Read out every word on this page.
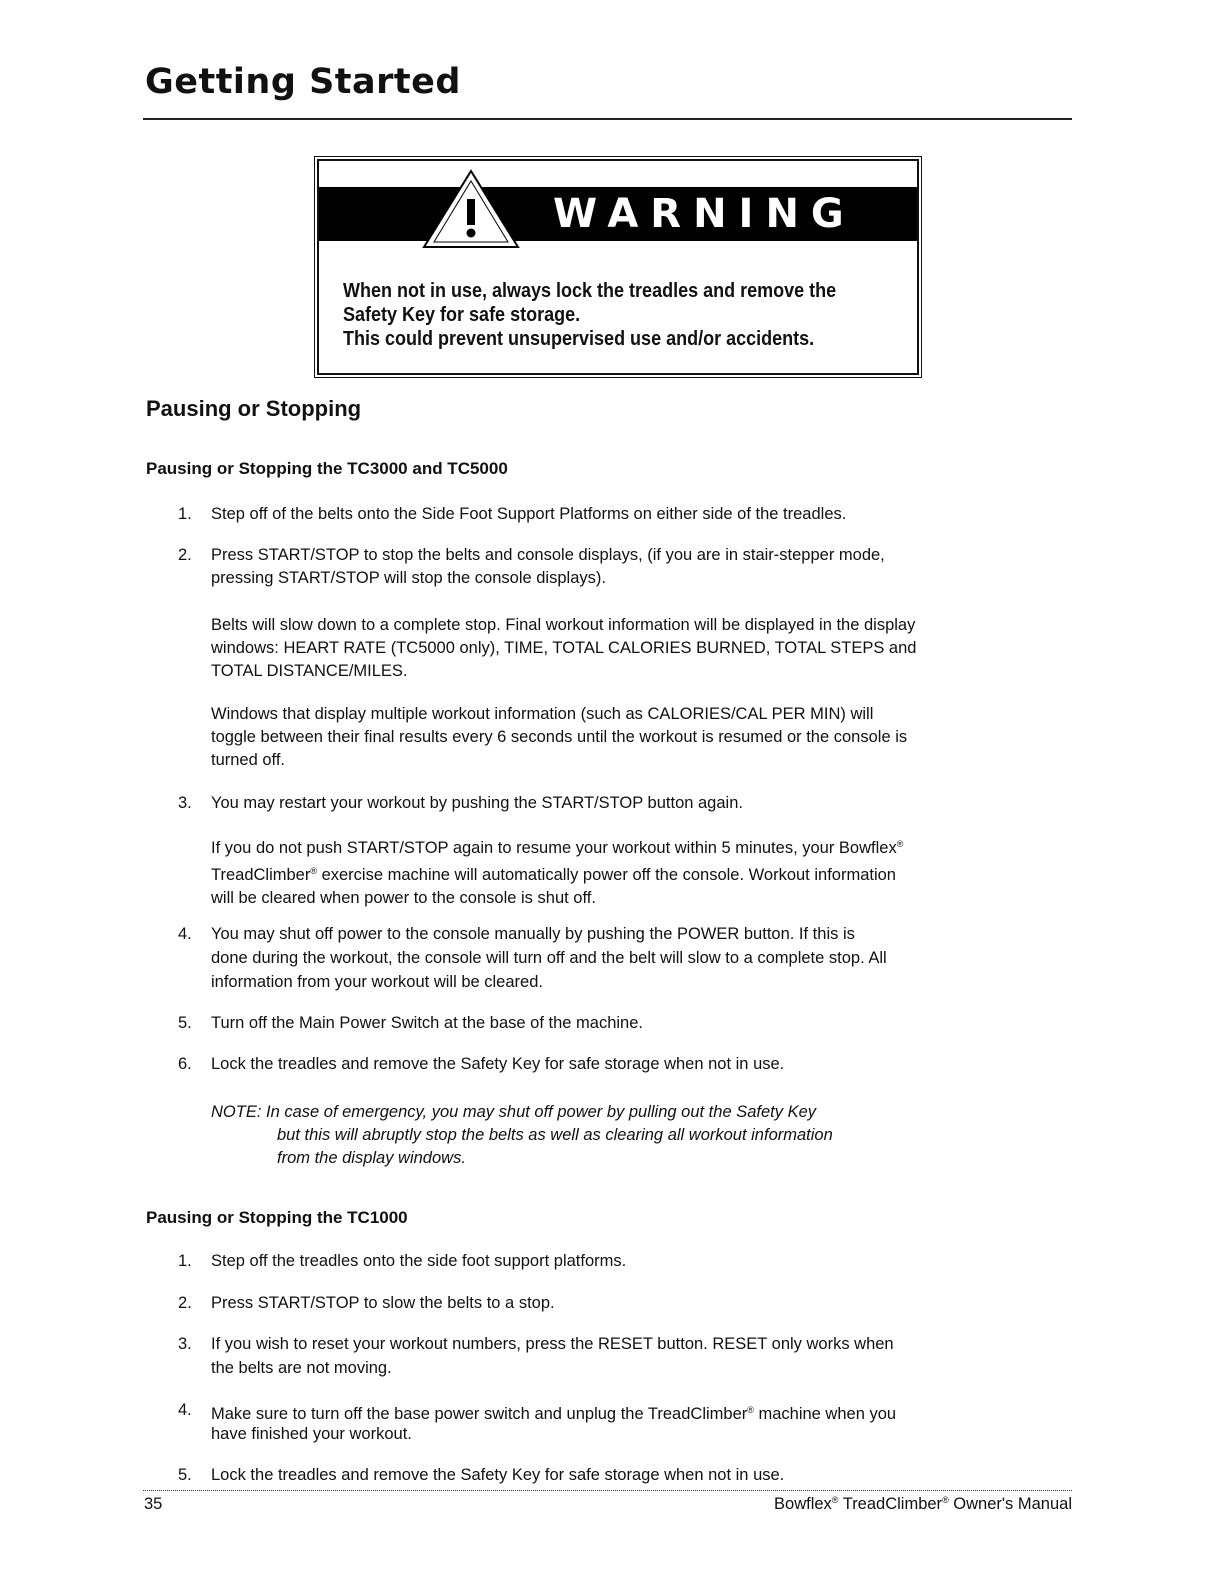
Getting Started
WARNING
When not in use, always lock the treadles and remove the
Safety Key for safe storage.
This could prevent unsupervised use and/or accidents.
Pausing or Stopping
Pausing or Stopping the TC3000 and TC5000
1. Step off of the belts onto the Side Foot Support Platforms on either side of the treadles.
2. Press START/STOP to stop the belts and console displays, (if you are in stair-stepper mode,
pressing START/STOP will stop the console displays).
Belts will slow down to a complete stop. Final workout information will be displayed in the display
windows: HEART RATE (TC5000 only), TIME, TOTAL CALORIES BURNED, TOTAL STEPS and
TOTAL DISTANCE/MILES.
Windows that display multiple workout information (such as CALORIES/CAL PER MIN) will
toggle between their final results every 6 seconds until the workout is resumed or the console is
turned off.
3. You may restart your workout by pushing the START/STOP button again.
If you do not push START/STOP again to resume your workout within 5 minutes, your Bowflex®
TreadClimber® exercise machine will automatically power off the console. Workout information
will be cleared when power to the console is shut off.
4. You may shut off power to the console manually by pushing the POWER button. If this is
done during the workout, the console will turn off and the belt will slow to a complete stop. All
information from your workout will be cleared.
5. Turn off the Main Power Switch at the base of the machine.
6. Lock the treadles and remove the Safety Key for safe storage when not in use.
NOTE: In case of emergency, you may shut off power by pulling out the Safety Key
but this will abruptly stop the belts as well as clearing all workout information
from the display windows.
Pausing or Stopping the TC1000
1. Step off the treadles onto the side foot support platforms.
2. Press START/STOP to slow the belts to a stop.
3. If you wish to reset your workout numbers, press the RESET button. RESET only works when
the belts are not moving.
4. Make sure to turn off the base power switch and unplug the TreadClimber® machine when you
have finished your workout.
5. Lock the treadles and remove the Safety Key for safe storage when not in use.
35	Bowflex® TreadClimber® Owner's Manual
